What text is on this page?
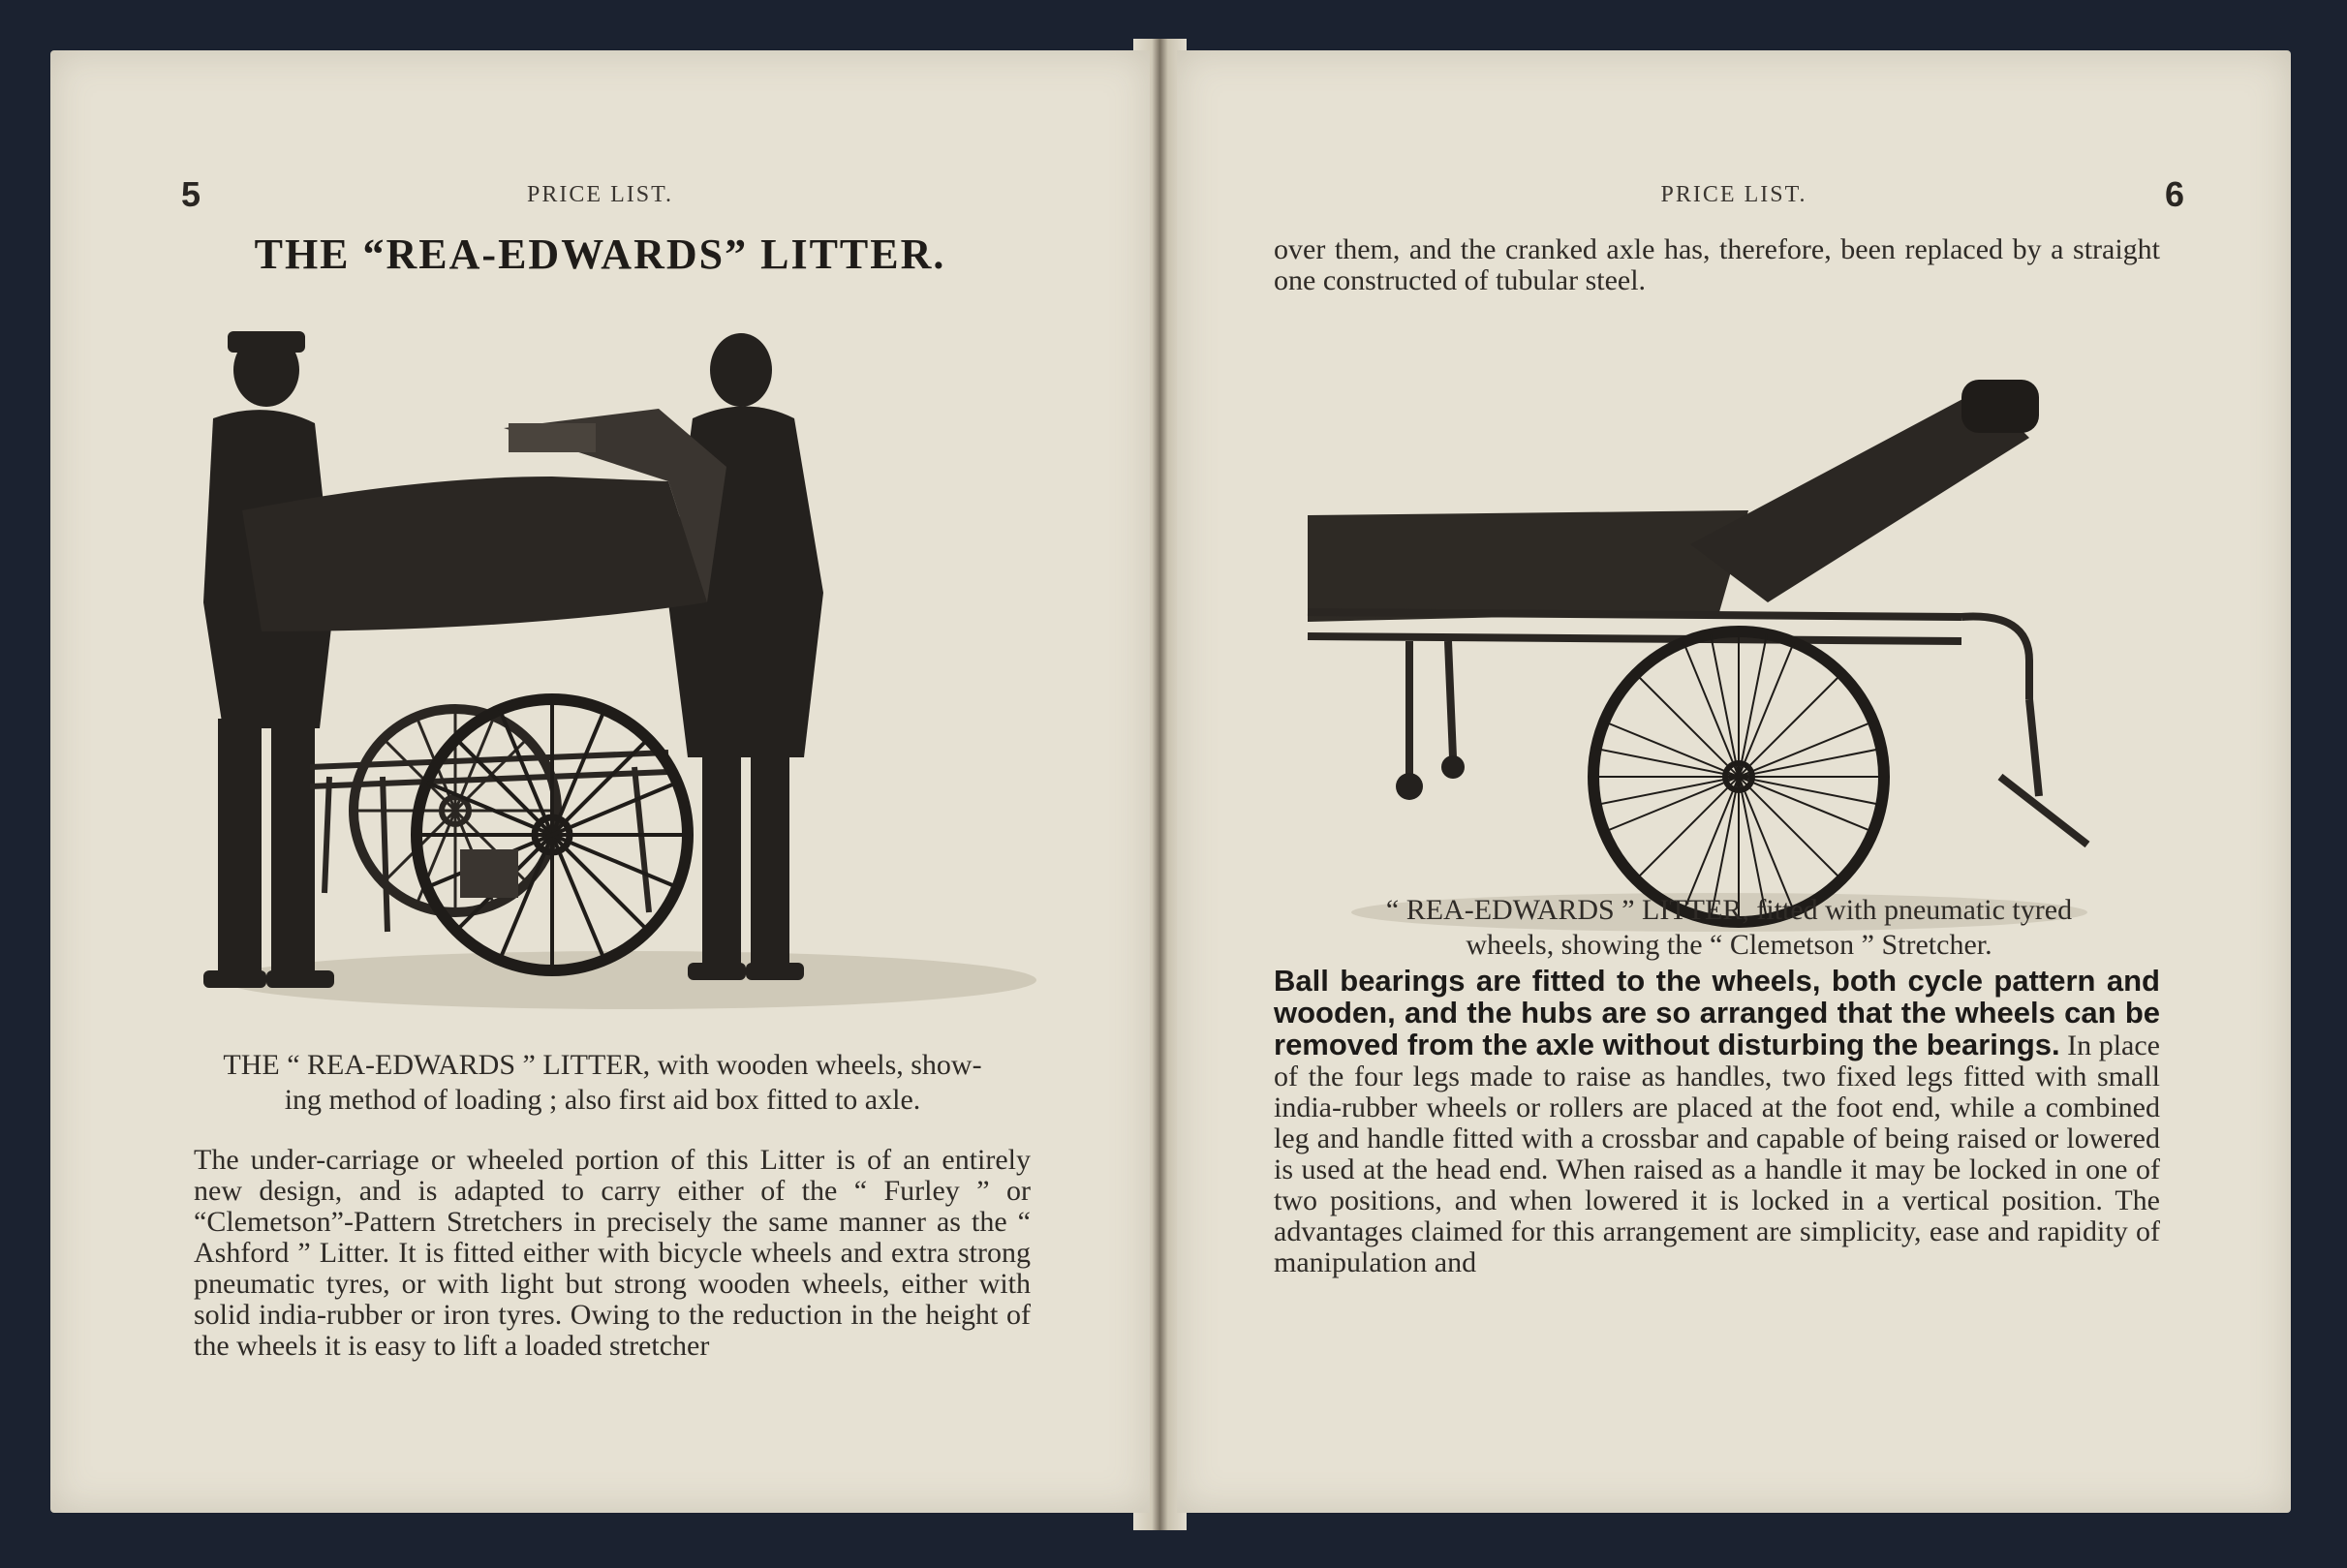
5	PRICE LIST.
THE “REA-EDWARDS” LITTER.
THE “ REA-EDWARDS ” LITTER, with wooden wheels, show-
ing method of loading ; also first aid box fitted to axle.
The under-carriage or wheeled portion of this Litter is of an entirely new design, and is adapted to carry either of the “ Furley ” or “Clemetson”-Pattern Stretchers in precisely the same manner as the “ Ashford ” Litter. It is fitted either with bicycle wheels and extra strong pneumatic tyres, or with light but strong wooden wheels, either with solid india-rubber or iron tyres. Owing to the reduction in the height of the wheels it is easy to lift a loaded stretcher
PRICE LIST.	6
over them, and the cranked axle has, therefore, been replaced by a straight one constructed of tubular steel.
“ REA-EDWARDS ” LITTER, fitted with pneumatic tyred
wheels, showing the “ Clemetson ” Stretcher.
Ball bearings are fitted to the wheels, both cycle pattern and wooden, and the hubs are so arranged that the wheels can be removed from the axle without disturbing the bearings. In place of the four legs made to raise as handles, two fixed legs fitted with small india-rubber wheels or rollers are placed at the foot end, while a combined leg and handle fitted with a crossbar and capable of being raised or lowered is used at the head end. When raised as a handle it may be locked in one of two positions, and when lowered it is locked in a vertical position. The advantages claimed for this arrangement are simplicity, ease and rapidity of manipulation and
